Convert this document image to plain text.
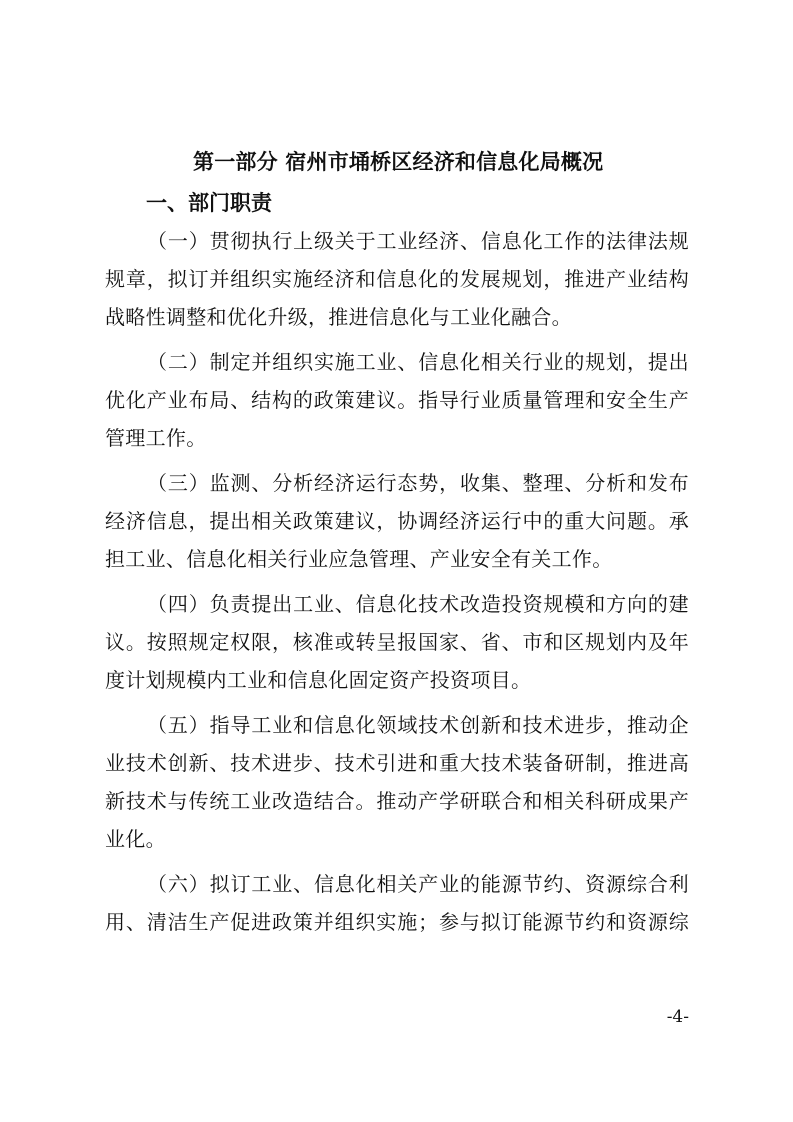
第一部分 宿州市埇桥区经济和信息化局概况
一、部门职责
（一）贯彻执行上级关于工业经济、信息化工作的法律法规
规章，拟订并组织实施经济和信息化的发展规划，推进产业结构
战略性调整和优化升级，推进信息化与工业化融合。
（二）制定并组织实施工业、信息化相关行业的规划，提出
优化产业布局、结构的政策建议。指导行业质量管理和安全生产
管理工作。
（三）监测、分析经济运行态势，收集、整理、分析和发布
经济信息，提出相关政策建议，协调经济运行中的重大问题。承
担工业、信息化相关行业应急管理、产业安全有关工作。
（四）负责提出工业、信息化技术改造投资规模和方向的建
议。按照规定权限，核准或转呈报国家、省、市和区规划内及年
度计划规模内工业和信息化固定资产投资项目。
（五）指导工业和信息化领域技术创新和技术进步，推动企
业技术创新、技术进步、技术引进和重大技术装备研制，推进高
新技术与传统工业改造结合。推动产学研联合和相关科研成果产
业化。
（六）拟订工业、信息化相关产业的能源节约、资源综合利
用、清洁生产促进政策并组织实施；参与拟订能源节约和资源综
-4-
